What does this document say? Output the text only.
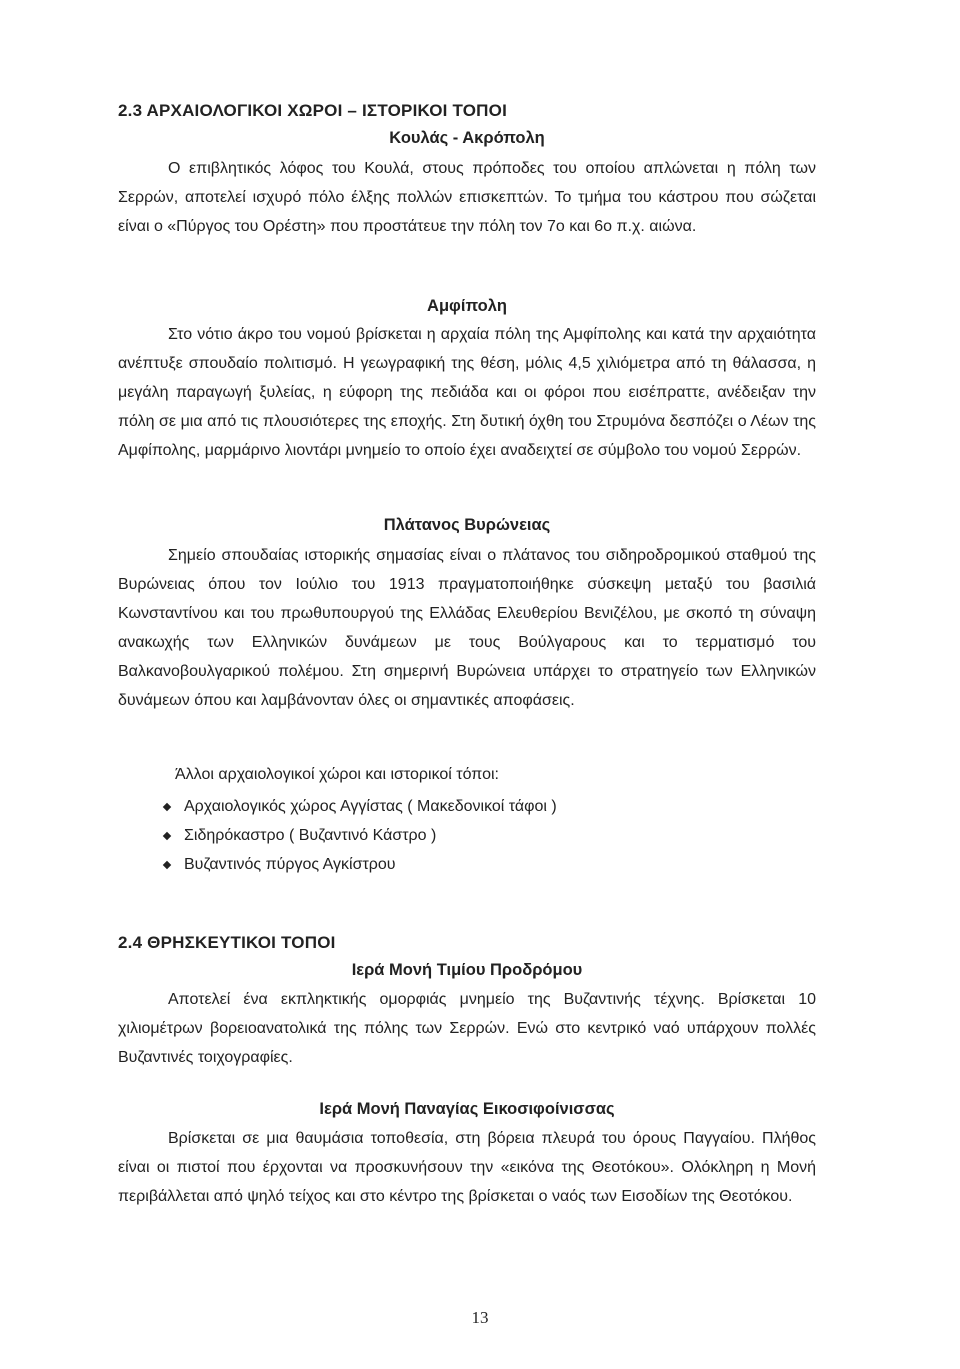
2.3 ΑΡΧΑΙΟΛΟΓΙΚΟΙ ΧΩΡΟΙ – ΙΣΤΟΡΙΚΟΙ ΤΟΠΟΙ
Κουλάς - Ακρόπολη

Ο επιβλητικός λόφος του Κουλά, στους πρόποδες του οποίου απλώνεται η πόλη των Σερρών, αποτελεί ισχυρό πόλο έλξης πολλών επισκεπτών. Το τμήμα του κάστρου που σώζεται είναι ο «Πύργος του Ορέστη» που προστάτευε την πόλη τον 7ο και 6ο π.χ. αιώνα.

Αμφίπολη

Στο νότιο άκρο του νομού βρίσκεται η αρχαία πόλη της Αμφίπολης και κατά την αρχαιότητα ανέπτυξε σπουδαίο πολιτισμό. Η γεωγραφική της θέση, μόλις 4,5 χιλιόμετρα από τη θάλασσα, η μεγάλη παραγωγή ξυλείας, η εύφορη της πεδιάδα και οι φόροι που εισέπραττε, ανέδειξαν την πόλη σε μια από τις πλουσιότερες της εποχής. Στη δυτική όχθη του Στρυμόνα δεσπόζει ο Λέων της Αμφίπολης, μαρμάρινο λιοντάρι μνημείο το οποίο έχει αναδειχτεί σε σύμβολο του νομού Σερρών.

Πλάτανος Βυρώνειας

Σημείο σπουδαίας ιστορικής σημασίας είναι ο πλάτανος του σιδηροδρομικού σταθμού της Βυρώνειας όπου τον Ιούλιο του 1913 πραγματοποιήθηκε σύσκεψη μεταξύ του βασιλιά Κωνσταντίνου και του πρωθυπουργού της Ελλάδας Ελευθερίου Βενιζέλου, με σκοπό τη σύναψη ανακωχής των Ελληνικών δυνάμεων με τους Βούλγαρους και το τερματισμό του Βαλκανοβουλγαρικού πολέμου. Στη σημερινή Βυρώνεια υπάρχει το στρατηγείο των Ελληνικών δυνάμεων όπου και λαμβάνονταν όλες οι σημαντικές αποφάσεις.

Άλλοι αρχαιολογικοί χώροι και ιστορικοί τόποι:

Αρχαιολογικός χώρος Αγγίστας ( Μακεδονικοί τάφοι )
Σιδηρόκαστρο ( Βυζαντινό Κάστρο )
Βυζαντινός πύργος Αγκίστρου
2.4 ΘΡΗΣΚΕΥΤΙΚΟΙ ΤΟΠΟΙ
Ιερά Μονή Τιμίου Προδρόμου

Αποτελεί ένα εκπληκτικής ομορφιάς μνημείο της Βυζαντινής τέχνης. Βρίσκεται 10 χιλιομέτρων βορειοανατολικά της πόλης των Σερρών. Ενώ στο κεντρικό ναό υπάρχουν πολλές Βυζαντινές τοιχογραφίες.

Ιερά Μονή Παναγίας Εικοσιφοίνισσας

Βρίσκεται σε μια θαυμάσια τοποθεσία, στη βόρεια πλευρά του όρους Παγγαίου. Πλήθος είναι οι πιστοί που έρχονται να προσκυνήσουν την «εικόνα της Θεοτόκου». Ολόκληρη η Μονή περιβάλλεται από ψηλό τείχος και στο κέντρο της βρίσκεται ο ναός των Εισοδίων της Θεοτόκου.

13
